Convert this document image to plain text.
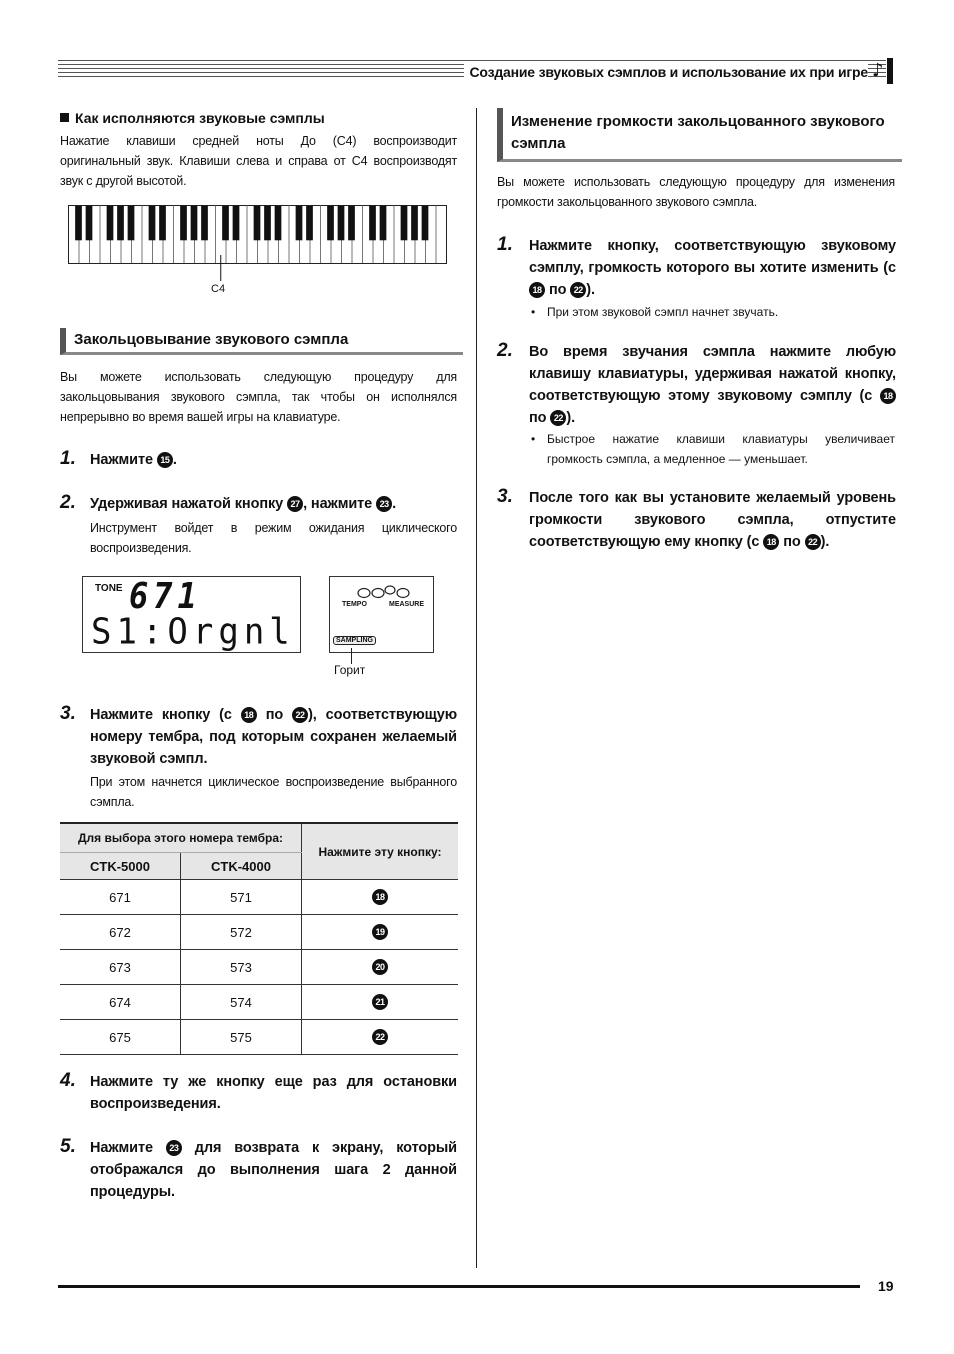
Создание звуковых сэмплов и использование их при игре ♪
Как исполняются звуковые сэмплы
Нажатие клавиши средней ноты До (С4) воспроизводит оригинальный звук. Клавиши слева и справа от С4 воспроизводят звук с другой высотой.
C4
Закольцовывание звукового сэмпла
Вы можете использовать следующую процедуру для закольцовывания звукового сэмпла, так чтобы он исполнялся непрерывно во время вашей игры на клавиатуре.
1. Нажмите 15 .
2. Удерживая нажатой кнопку 27 , нажмите 23 .
Инструмент войдет в режим ожидания циклического воспроизведения.
TONE 671
S1:Orgnl
TEMPO	MEASURE
SAMPLING
Горит
3. Нажмите кнопку (с 18 по 22 ), соответствующую номеру тембра, под которым сохранен желаемый звуковой сэмпл.
При этом начнется циклическое воспроизведение выбранного сэмпла.
Для выбора этого номера тембра:		Нажмите эту кнопку:
CTK-5000	CTK-4000	
671	571	18
672	572	19
673	573	20
674	574	21
675	575	22
4. Нажмите ту же кнопку еще раз для остановки воспроизведения.
5. Нажмите 23 для возврата к экрану, который отображался до выполнения шага 2 данной процедуры.
Изменение громкости закольцованного звукового сэмпла
Вы можете использовать следующую процедуру для изменения громкости закольцованного звукового сэмпла.
1. Нажмите кнопку, соответствующую звуковому сэмплу, громкость которого вы хотите изменить (с 18 по 22 ).
• При этом звуковой сэмпл начнет звучать.
2. Во время звучания сэмпла нажмите любую клавишу клавиатуры, удерживая нажатой кнопку, соответствующую этому звуковому сэмплу (с 18 по 22 ).
• Быстрое нажатие клавиши клавиатуры увеличивает громкость сэмпла, а медленное — уменьшает.
3. После того как вы установите желаемый уровень громкости звукового сэмпла, отпустите соответствующую ему кнопку (с 18 по 22 ).
19
